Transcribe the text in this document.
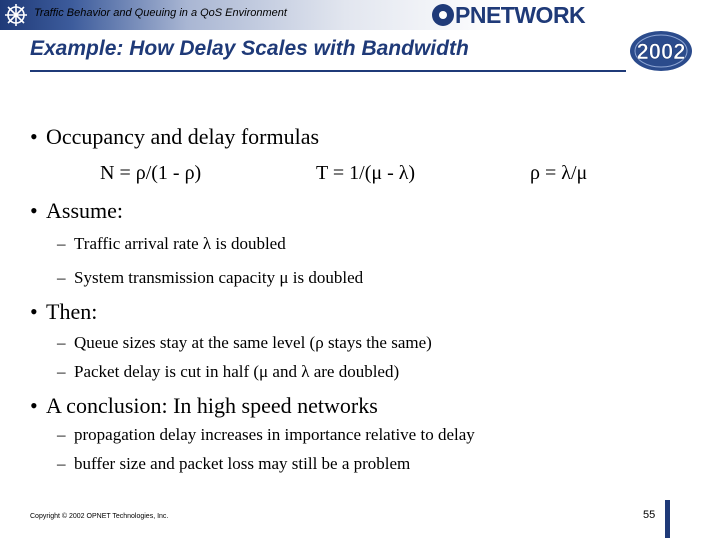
Traffic Behavior and Queuing in a QoS Environment	PNETWORK
2002
Example: How Delay Scales with Bandwidth
• Occupancy and delay formulas
N = ρ/(1 - ρ)	T = 1/(μ - λ)	ρ = λ/μ
• Assume:
– Traffic arrival rate λ is doubled
– System transmission capacity μ is doubled
• Then:
– Queue sizes stay at the same level (ρ stays the same)
– Packet delay is cut in half (μ and λ are doubled)
• A conclusion: In high speed networks
– propagation delay increases in importance relative to delay
– buffer size and packet loss may still be a problem
Copyright © 2002 OPNET Technologies, Inc.	55
